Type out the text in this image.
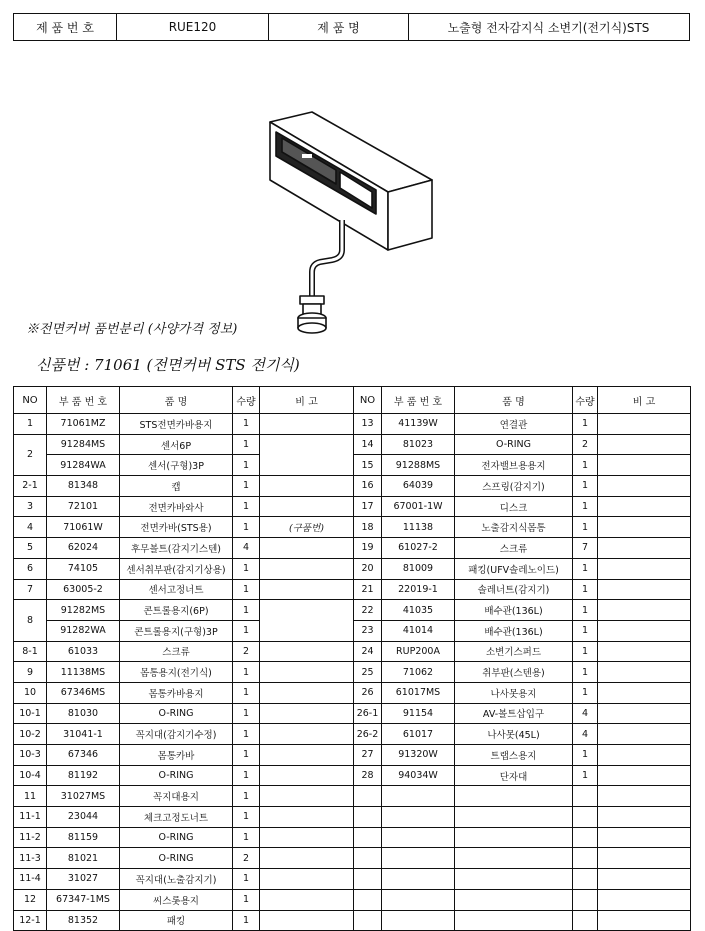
제 품 번 호	RUE120	제 품 명	노출형 전자감지식 소변기(전기식)STS
※전면커버 품번분리 (사양가격 정보)
신품번 : 71061 (전면커버 STS 전기식)
NO	부 품 번 호	품 명	수량	비 고
1	71061MZ	STS전면카바용지	1	
2	91284MS	센서6P	1	
	91284WA	센서(구형)3P	1	
2-1	81348	캡	1	
3	72101	전면카바와사	1	
4	71061W	전면카바(STS용)	1	(구품번)
5	62024	후무볼트(감지기스텐)	4	
6	74105	센서취부판(감지기상용)	1	
7	63005-2	센서고정너트	1	
8	91282MS	콘트롤용지(6P)	1	
	91282WA	콘트롤용지(구형)3P	1	
8-1	61033	스크류	2	
9	11138MS	몸통용지(전기식)	1	
10	67346MS	몸통카바용지	1	
10-1	81030	O-RING	1	
10-2	31041-1	꼭지대(감지기수정)	1	
10-3	67346	몸통카바	1	
10-4	81192	O-RING	1	
11	31027MS	꼭지대용지	1	
11-1	23044	체크고정도너트	1	
11-2	81159	O-RING	1	
11-3	81021	O-RING	2	
11-4	31027	꼭지대(노출감지기)	1	
12	67347-1MS	씨스롯용지	1	
12-1	81352	패킹	1	
NO	부 품 번 호	품 명	수량	비 고
13	41139W	연결관	1	
14	81023	O-RING	2	
15	91288MS	전자밸브용용지	1	
16	64039	스프링(감지기)	1	
17	67001-1W	디스크	1	
18	11138	노출감지식몸통	1	
19	61027-2	스크류	7	
20	81009	패킹(UFV솔레노이드)	1	
21	22019-1	솔레너트(감지기)	1	
22	41035	배수관(136L)	1	
23	41014	배수관(136L)	1	
24	RUP200A	소변기스퍼드	1	
25	71062	취부판(스텐용)	1	
26	61017MS	나사못용지	1	
26-1	91154	AV-볼트삽입구	4	
26-2	61017	나사못(45L)	4	
27	91320W	트랩스용지	1	
28	94034W	단자대	1	
